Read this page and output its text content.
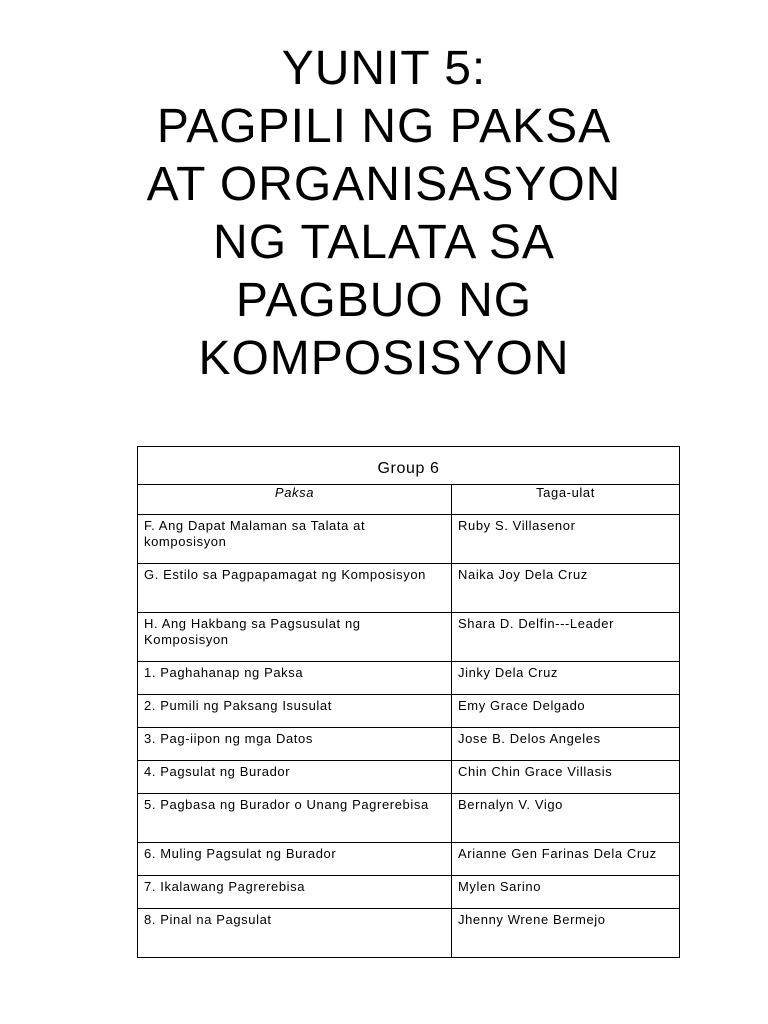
YUNIT 5:

PAGPILI NG PAKSA

AT ORGANISASYON

NG TALATA SA

PAGBUO NG

KOMPOSISYON

Group 6	
Paksa	Taga-ulat
F. Ang Dapat Malaman sa Talata at komposisyon	Ruby S. Villasenor
G. Estilo sa Pagpapamagat ng Komposisyon	Naika Joy Dela Cruz
H. Ang Hakbang sa Pagsusulat ng Komposisyon	Shara D. Delfin---Leader
1. Paghahanap ng Paksa	Jinky Dela Cruz
2. Pumili ng Paksang Isusulat	Emy Grace Delgado
3. Pag-iipon ng mga Datos	Jose B. Delos Angeles
4. Pagsulat ng Burador	Chin Chin Grace Villasis
5. Pagbasa ng Burador o Unang Pagrerebisa	Bernalyn V. Vigo
6. Muling Pagsulat ng Burador	Arianne Gen Farinas Dela Cruz
7. Ikalawang Pagrerebisa	Mylen Sarino
8. Pinal na Pagsulat	Jhenny Wrene Bermejo
